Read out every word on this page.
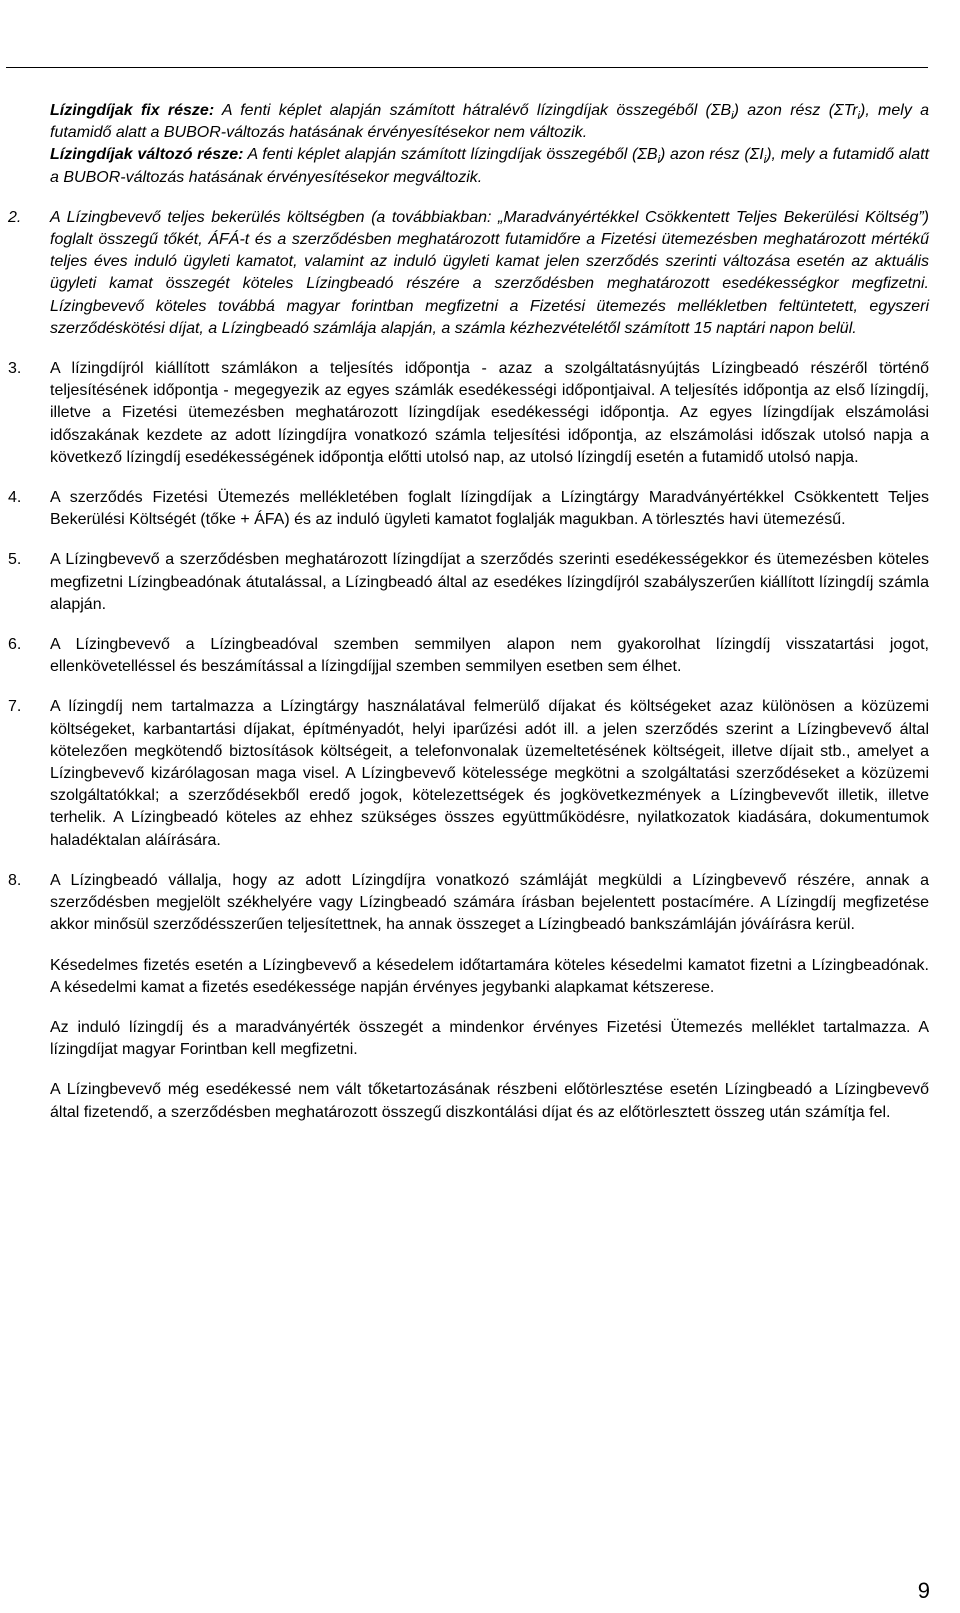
Ingatlanlízing üzletszabályzat
Merkantil Ingatlan Zrt.
2011. január 1.

Lízingdíjak fix része: A fenti képlet alapján számított hátralévő lízingdíjak összegéből $(\Sigma B_i)$ azon rész (ΣTr$_i$), mely a futamidő alatt a BUBOR-változás hatásának érvényesítésekor nem változik.

Lízingdíjak változó része: A fenti képlet alapján számított lízingdíjak összegéből $(\Sigma B_i)$ azon rész $(\Sigma I_i)$, mely a futamidő alatt a BUBOR-változás hatásának érvényesítésekor megváltozik.

2. A Lízingbevevő teljes bekerülés költségben (a továbbiakban: „Maradványértékkel Csökkentett Teljes Bekerülési Költség”) foglalt összegű tőkét, ÁFÁ-t és a szerződésben meghatározott futamidőre a Fizetési ütemezésben meghatározott mértékű teljes éves induló ügyleti kamatot, valamint az induló ügyleti kamat jelen szerződés szerinti változása esetén az aktuális ügyleti kamat összegét köteles Lízingbeadó részére a szerződésben meghatározott esedékességkor megfizetni. Lízingbevevő köteles továbbá magyar forintban megfizetni a Fizetési ütemezés mellékletben feltüntetett, egyszeri szerződéskötési díjat, a Lízingbeadó számlája alapján, a számla kézhezvételétől számított 15 naptári napon belül.

3. A lízingdíjról kiállított számlákon a teljesítés időpontja - azaz a szolgáltatásnyújtás Lízingbeadó részéről történő teljesítésének időpontja - megegyezik az egyes számlák esedékességi időpontjaival. A teljesítés időpontja az első lízingdíj, illetve a Fizetési ütemezésben meghatározott lízingdíjak esedékességi időpontja. Az egyes lízingdíjak elszámolási időszakának kezdete az adott lízingdíjra vonatkozó számla teljesítési időpontja, az elszámolási időszak utolsó napja a következő lízingdíj esedékességének időpontja előtti utolsó nap, az utolsó lízingdíj esetén a futamidő utolsó napja.

4. A szerződés Fizetési Ütemezés mellékletében foglalt lízingdíjak a Lízingtárgy Maradványértékkel Csökkentett Teljes Bekerülési Költségét (tőke + ÁFA) és az induló ügyleti kamatot foglalják magukban. A törlesztés havi ütemezésű.

5. A Lízingbevevő a szerződésben meghatározott lízingdíjat a szerződés szerinti esedékességekkor és ütemezésben köteles megfizetni Lízingbeadónak átutalással, a Lízingbeadó által az esedékes lízingdíjról szabályszerűen kiállított lízingdíj számla alapján.

6. A Lízingbevevő a Lízingbeadóval szemben semmilyen alapon nem gyakorolhat lízingdíj visszatartási jogot, ellenkövetelléssel és beszámítással a lízingdíjjal szemben semmilyen esetben sem élhet.

7. A lízingdíj nem tartalmazza a Lízingtárgy használatával felmerülő díjakat és költségeket azaz különösen a közüzemi költségeket, karbantartási díjakat, építményadót, helyi iparűzési adót ill. a jelen szerződés szerint a Lízingbevevő által kötelezően megkötendő biztosítások költségeit, a telefonvonalak üzemeltetésének költségeit, illetve díjait stb., amelyet a Lízingbevevő kizárólagosan maga visel. A Lízingbevevő kötelessége megkötni a szolgáltatási szerződéseket a közüzemi szolgáltatókkal; a szerződésekből eredő jogok, kötelezettségek és jogkövetkezmények a Lízingbevevőt illetik, illetve terhelik. A Lízingbeadó köteles az ehhez szükséges összes együttműködésre, nyilatkozatok kiadására, dokumentumok haladéktalan aláírására.

8. A Lízingbeadó vállalja, hogy az adott Lízingdíjra vonatkozó számláját megküldi a Lízingbevevő részére, annak a szerződésben megjelölt székhelyére vagy Lízingbeadó számára írásban bejelentett postacímére. A Lízingdíj megfizetése akkor minősül szerződésszerűen teljesítettnek, ha annak összeget a Lízingbeadó bankszámláján jóváírásra kerül.

Késedelmes fizetés esetén a Lízingbevevő a késedelem időtartamára köteles késedelmi kamatot fizetni a Lízingbeadónak. A késedelmi kamat a fizetés esedékessége napján érvényes jegybanki alapkamat kétszerese.

Az induló lízingdíj és a maradványérték összegét a mindenkor érvényes Fizetési Ütemezés melléklet tartalmazza. A lízingdíjat magyar Forintban kell megfizetni.

A Lízingbevevő még esedékessé nem vált tőketartozásának részbeni előtörlesztése esetén Lízingbeadó a Lízingbevevő által fizetendő, a szerződésben meghatározott összegű diszkontálási díjat és az előtörlesztett összeg után számítja fel.

9
